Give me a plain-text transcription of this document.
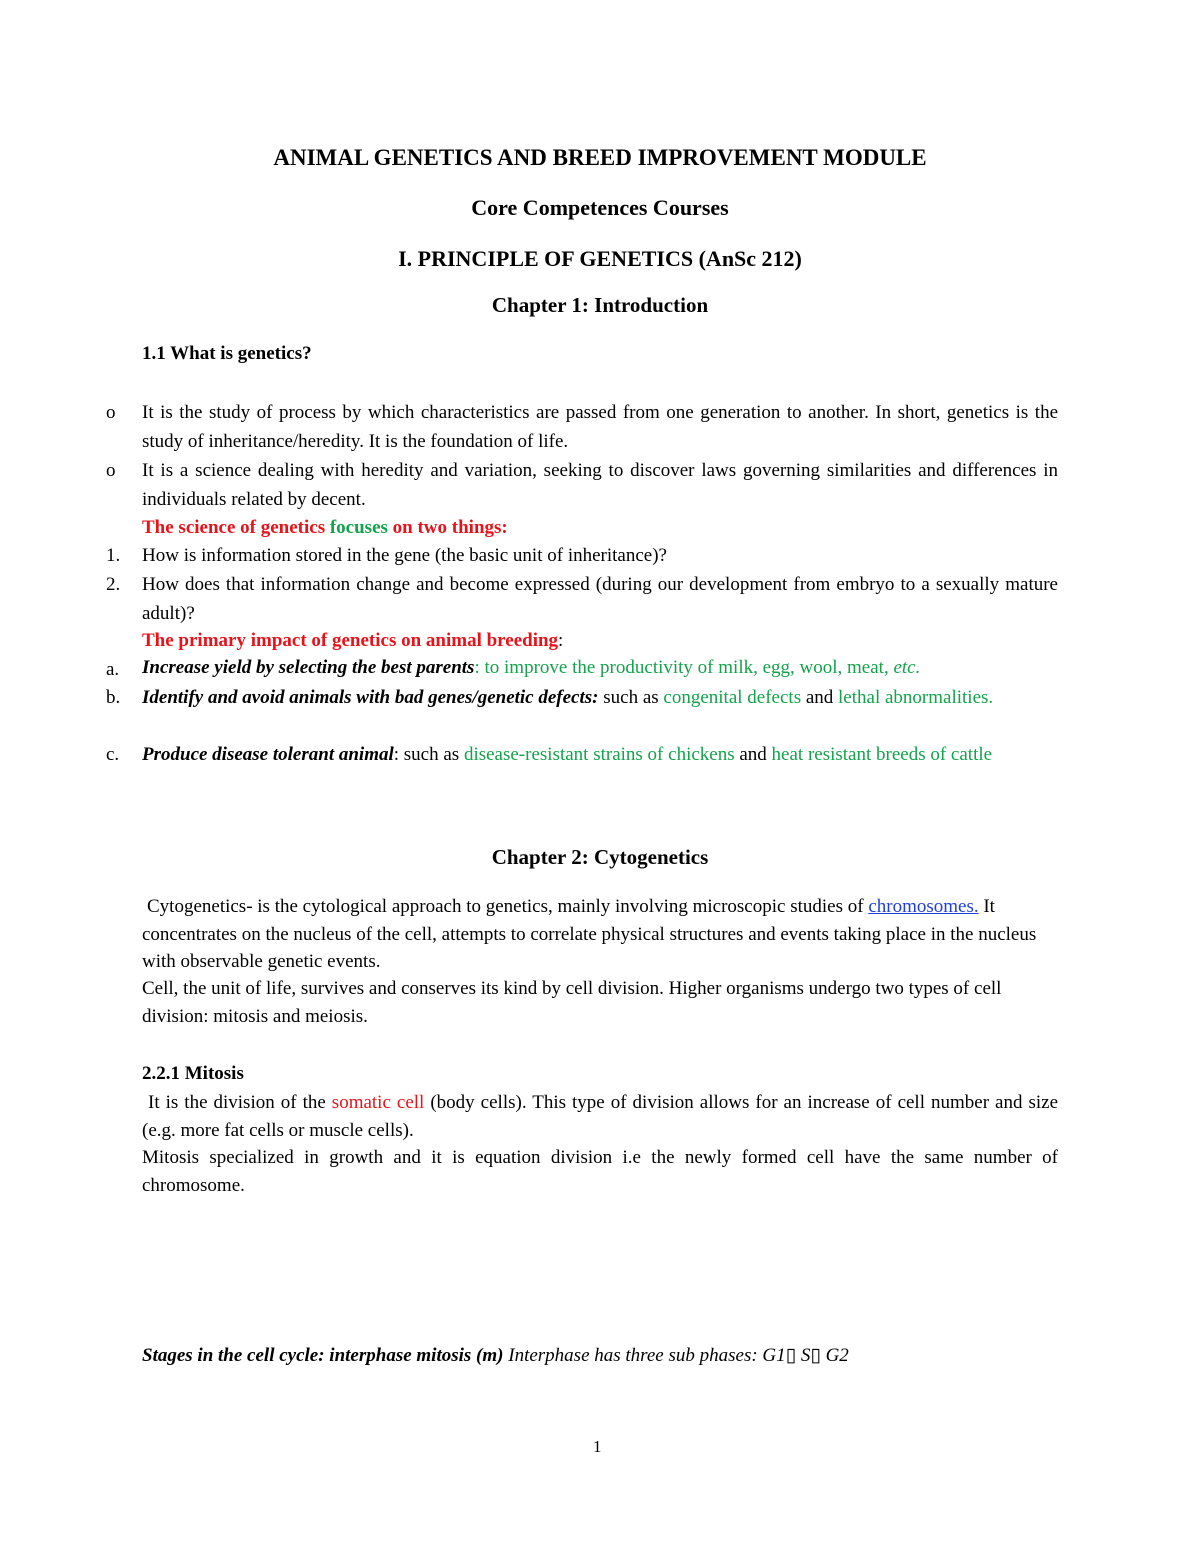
ANIMAL GENETICS AND BREED IMPROVEMENT MODULE
Core Competences Courses
I. PRINCIPLE OF GENETICS (AnSc 212)
Chapter 1: Introduction
1.1 What is genetics?
o It is the study of process by which characteristics are passed from one generation to another. In short, genetics is the study of inheritance/heredity. It is the foundation of life.

o It is a science dealing with heredity and variation, seeking to discover laws governing similarities and differences in individuals related by decent.

The science of genetics focuses on two things:
1. How is information stored in the gene (the basic unit of inheritance)?

2. How does that information change and become expressed (during our development from embryo to a sexually mature adult)?

The primary impact of genetics on animal breeding:
a. Increase yield by selecting the best parents: to improve the productivity of milk, egg, wool, meat, etc.
b. Identify and avoid animals with bad genes/genetic defects: such as congenital defects and lethal abnormalities.

c. Produce disease tolerant animal: such as disease-resistant strains of chickens and heat resistant breeds of cattle

Chapter 2: Cytogenetics

Cytogenetics- is the cytological approach to genetics, mainly involving microscopic studies of chromosomes. It concentrates on the nucleus of the cell, attempts to correlate physical structures and events taking place in the nucleus with observable genetic events.

Cell, the unit of life, survives and conserves its kind by cell division. Higher organisms undergo two types of cell division: mitosis and meiosis.

2.2.1 Mitosis

It is the division of the somatic cell (body cells). This type of division allows for an increase of cell number and size (e.g. more fat cells or muscle cells).

Mitosis specialized in growth and it is equation division i.e the newly formed cell have the same number of chromosome.

Stages in the cell cycle: interphase mitosis (m) Interphase has three sub phases: G1▯ S▯ G2
1
